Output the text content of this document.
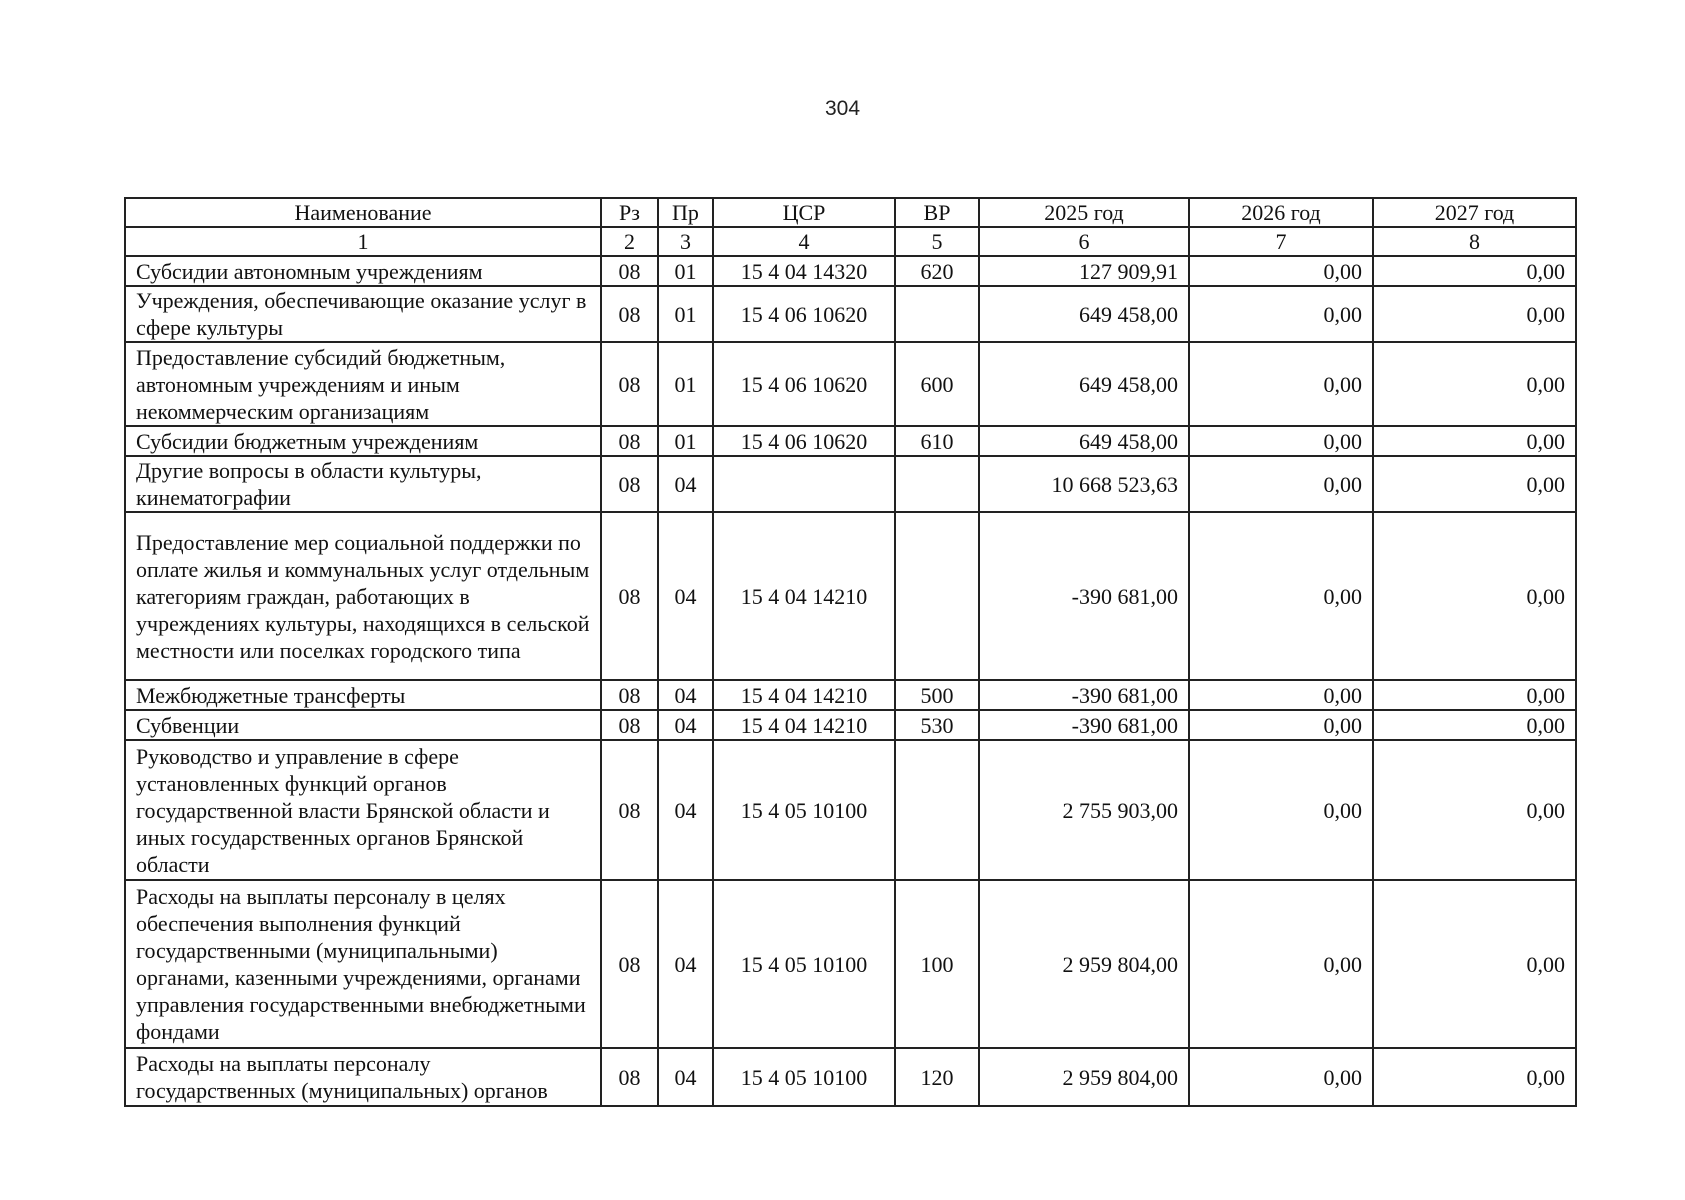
304
Наименование	Рз	Пр	ЦСР	ВР	2025 год	2026 год	2027 год
1	2	3	4	5	6	7	8
Субсидии автономным учреждениям	08	01	15 4 04 14320	620	127 909,91	0,00	0,00
Учреждения, обеспечивающие оказание услуг в сфере культуры	08	01	15 4 06 10620		649 458,00	0,00	0,00
Предоставление субсидий бюджетным, автономным учреждениям и иным некоммерческим организациям	08	01	15 4 06 10620	600	649 458,00	0,00	0,00
Субсидии бюджетным учреждениям	08	01	15 4 06 10620	610	649 458,00	0,00	0,00
Другие вопросы в области культуры, кинематографии	08	04			10 668 523,63	0,00	0,00
Предоставление мер социальной поддержки по оплате жилья и коммунальных услуг отдельным категориям граждан, работающих в учреждениях культуры, находящихся в сельской местности или поселках городского типа	08	04	15 4 04 14210		-390 681,00	0,00	0,00
Межбюджетные трансферты	08	04	15 4 04 14210	500	-390 681,00	0,00	0,00
Субвенции	08	04	15 4 04 14210	530	-390 681,00	0,00	0,00
Руководство и управление в сфере установленных функций органов государственной власти Брянской области и иных государственных органов Брянской области	08	04	15 4 05 10100		2 755 903,00	0,00	0,00
Расходы на выплаты персоналу в целях обеспечения выполнения функций государственными (муниципальными) органами, казенными учреждениями, органами управления государственными внебюджетными фондами	08	04	15 4 05 10100	100	2 959 804,00	0,00	0,00
Расходы на выплаты персоналу государственных (муниципальных) органов	08	04	15 4 05 10100	120	2 959 804,00	0,00	0,00
